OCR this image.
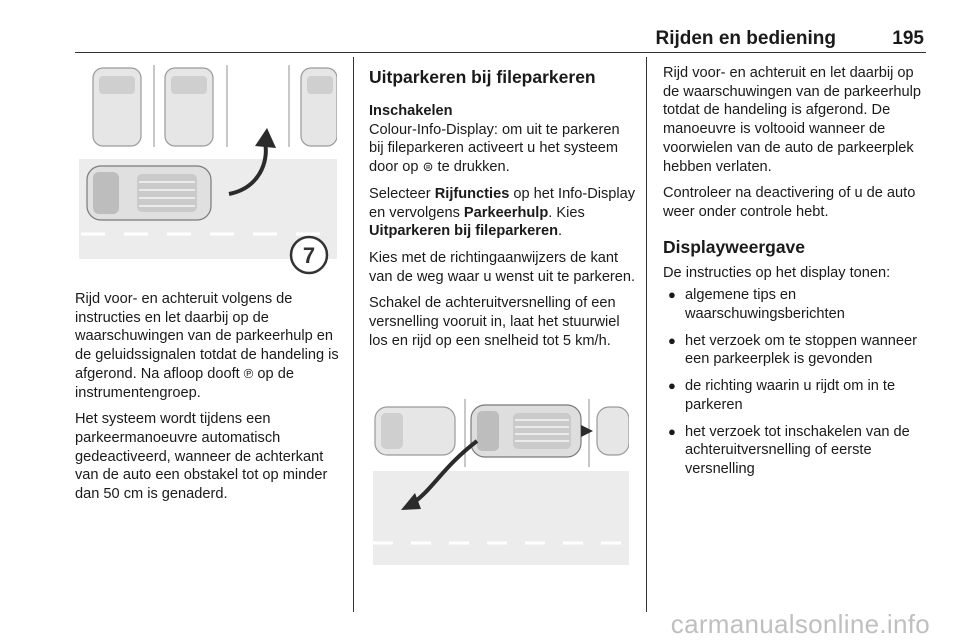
Rijden en bediening	195
7

Rijd voor- en achteruit volgens de instructies en let daarbij op de waarschuwingen van de parkeerhulp en de geluidssignalen totdat de handeling is afgerond. Na afloop dooft ℗ op de instrumentengroep.

Het systeem wordt tijdens een parkeermanoeuvre automatisch gedeactiveerd, wanneer de achterkant van de auto een obstakel tot op minder dan 50 cm is genaderd.

Uitparkeren bij fileparkeren
Inschakelen

Colour-Info-Display: om uit te parkeren bij fileparkeren activeert u het systeem door op ⊜ te drukken.

Selecteer Rijfuncties op het Info-Display en vervolgens Parkeerhulp. Kies Uitparkeren bij fileparkeren.

Kies met de richtingaanwijzers de kant van de weg waar u wenst uit te parkeren.

Schakel de achteruitversnelling of een versnelling vooruit in, laat het stuurwiel los en rijd op een snelheid tot 5 km/h.

Rijd voor- en achteruit en let daarbij op de waarschuwingen van de parkeerhulp totdat de handeling is afgerond. De manoeuvre is voltooid wanneer de voorwielen van de auto de parkeerplek hebben verlaten.

Controleer na deactivering of u de auto weer onder controle hebt.

Displayweergave

De instructies op het display tonen:

● algemene tips en waarschuwingsberichten
● het verzoek om te stoppen wanneer een parkeerplek is gevonden
● de richting waarin u rijdt om in te parkeren
● het verzoek tot inschakelen van de achteruitversnelling of eerste versnelling
carmanualsonline.info
